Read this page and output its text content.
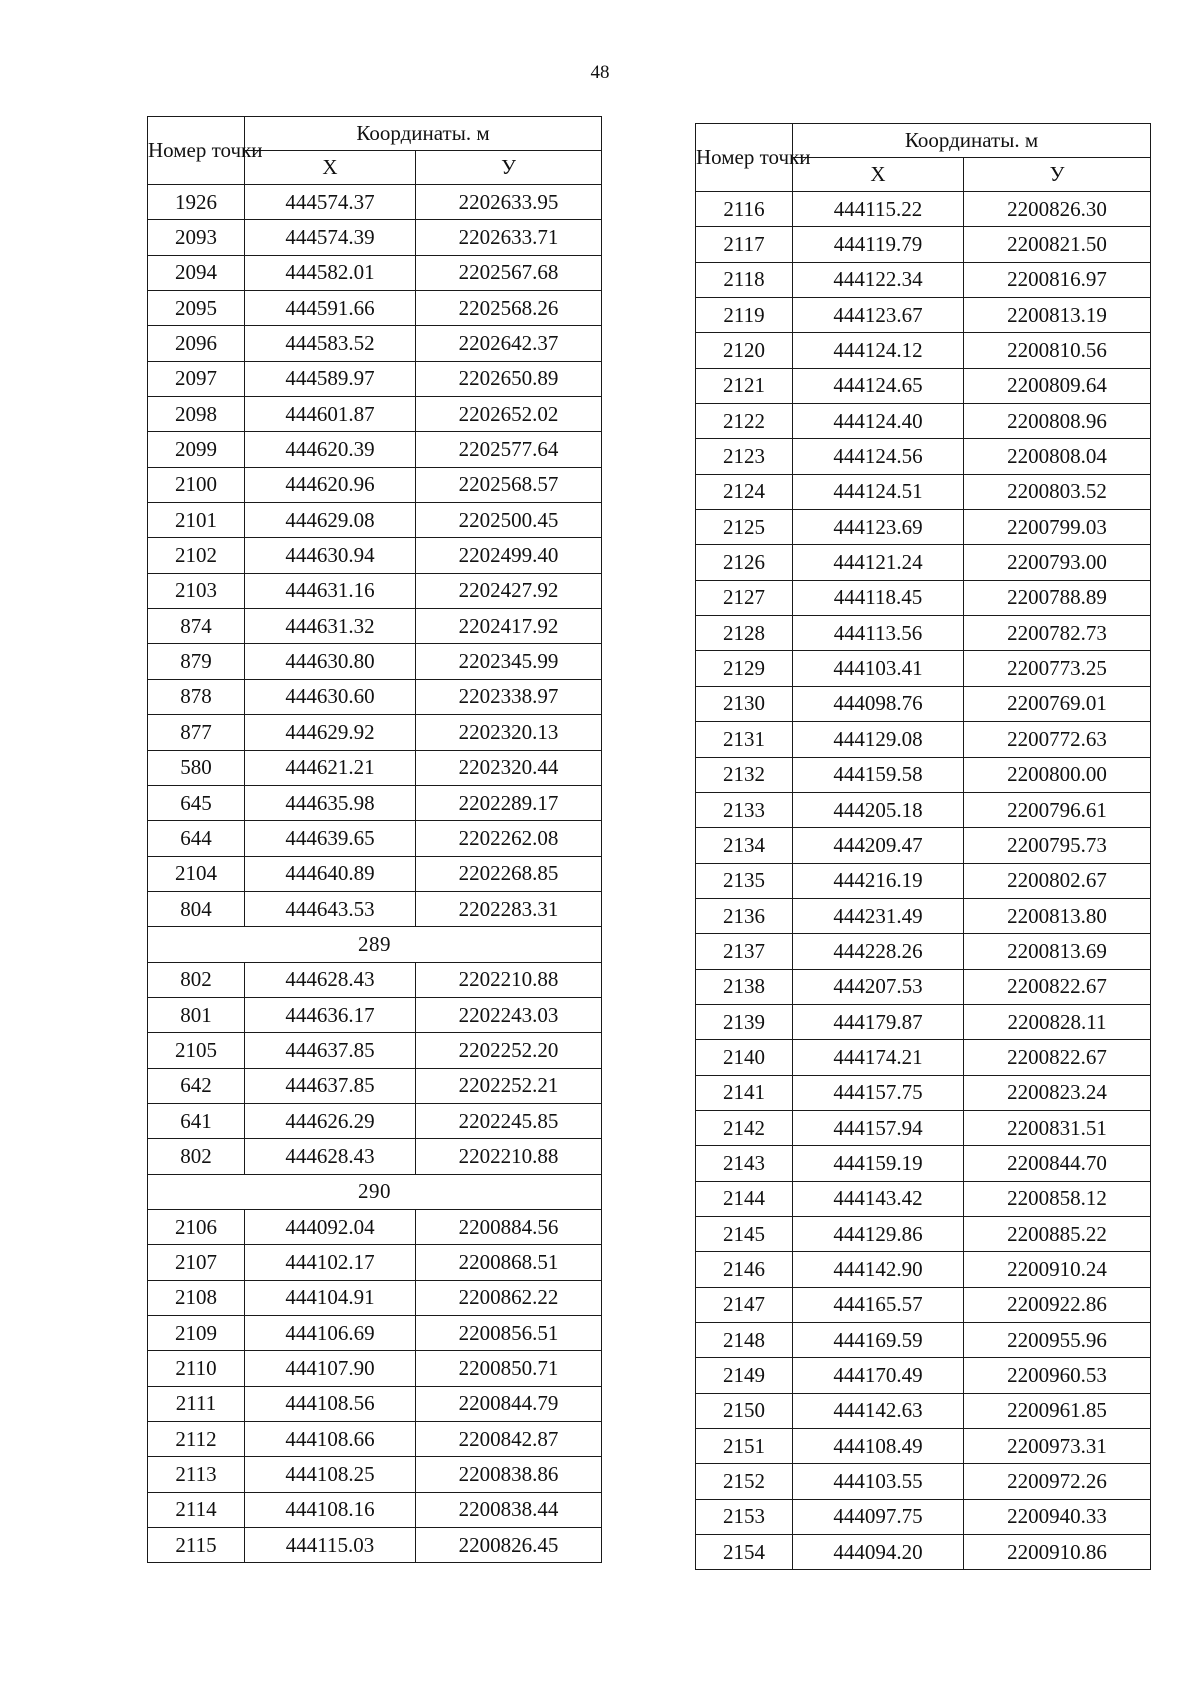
48
Номер точки	Координаты. м	
	Х	У
1926	444574.37	2202633.95
2093	444574.39	2202633.71
2094	444582.01	2202567.68
2095	444591.66	2202568.26
2096	444583.52	2202642.37
2097	444589.97	2202650.89
2098	444601.87	2202652.02
2099	444620.39	2202577.64
2100	444620.96	2202568.57
2101	444629.08	2202500.45
2102	444630.94	2202499.40
2103	444631.16	2202427.92
874	444631.32	2202417.92
879	444630.80	2202345.99
878	444630.60	2202338.97
877	444629.92	2202320.13
580	444621.21	2202320.44
645	444635.98	2202289.17
644	444639.65	2202262.08
2104	444640.89	2202268.85
804	444643.53	2202283.31
289		
802	444628.43	2202210.88
801	444636.17	2202243.03
2105	444637.85	2202252.20
642	444637.85	2202252.21
641	444626.29	2202245.85
802	444628.43	2202210.88
290		
2106	444092.04	2200884.56
2107	444102.17	2200868.51
2108	444104.91	2200862.22
2109	444106.69	2200856.51
2110	444107.90	2200850.71
2111	444108.56	2200844.79
2112	444108.66	2200842.87
2113	444108.25	2200838.86
2114	444108.16	2200838.44
2115	444115.03	2200826.45
Номер точки	Координаты. м	
	Х	У
2116	444115.22	2200826.30
2117	444119.79	2200821.50
2118	444122.34	2200816.97
2119	444123.67	2200813.19
2120	444124.12	2200810.56
2121	444124.65	2200809.64
2122	444124.40	2200808.96
2123	444124.56	2200808.04
2124	444124.51	2200803.52
2125	444123.69	2200799.03
2126	444121.24	2200793.00
2127	444118.45	2200788.89
2128	444113.56	2200782.73
2129	444103.41	2200773.25
2130	444098.76	2200769.01
2131	444129.08	2200772.63
2132	444159.58	2200800.00
2133	444205.18	2200796.61
2134	444209.47	2200795.73
2135	444216.19	2200802.67
2136	444231.49	2200813.80
2137	444228.26	2200813.69
2138	444207.53	2200822.67
2139	444179.87	2200828.11
2140	444174.21	2200822.67
2141	444157.75	2200823.24
2142	444157.94	2200831.51
2143	444159.19	2200844.70
2144	444143.42	2200858.12
2145	444129.86	2200885.22
2146	444142.90	2200910.24
2147	444165.57	2200922.86
2148	444169.59	2200955.96
2149	444170.49	2200960.53
2150	444142.63	2200961.85
2151	444108.49	2200973.31
2152	444103.55	2200972.26
2153	444097.75	2200940.33
2154	444094.20	2200910.86
